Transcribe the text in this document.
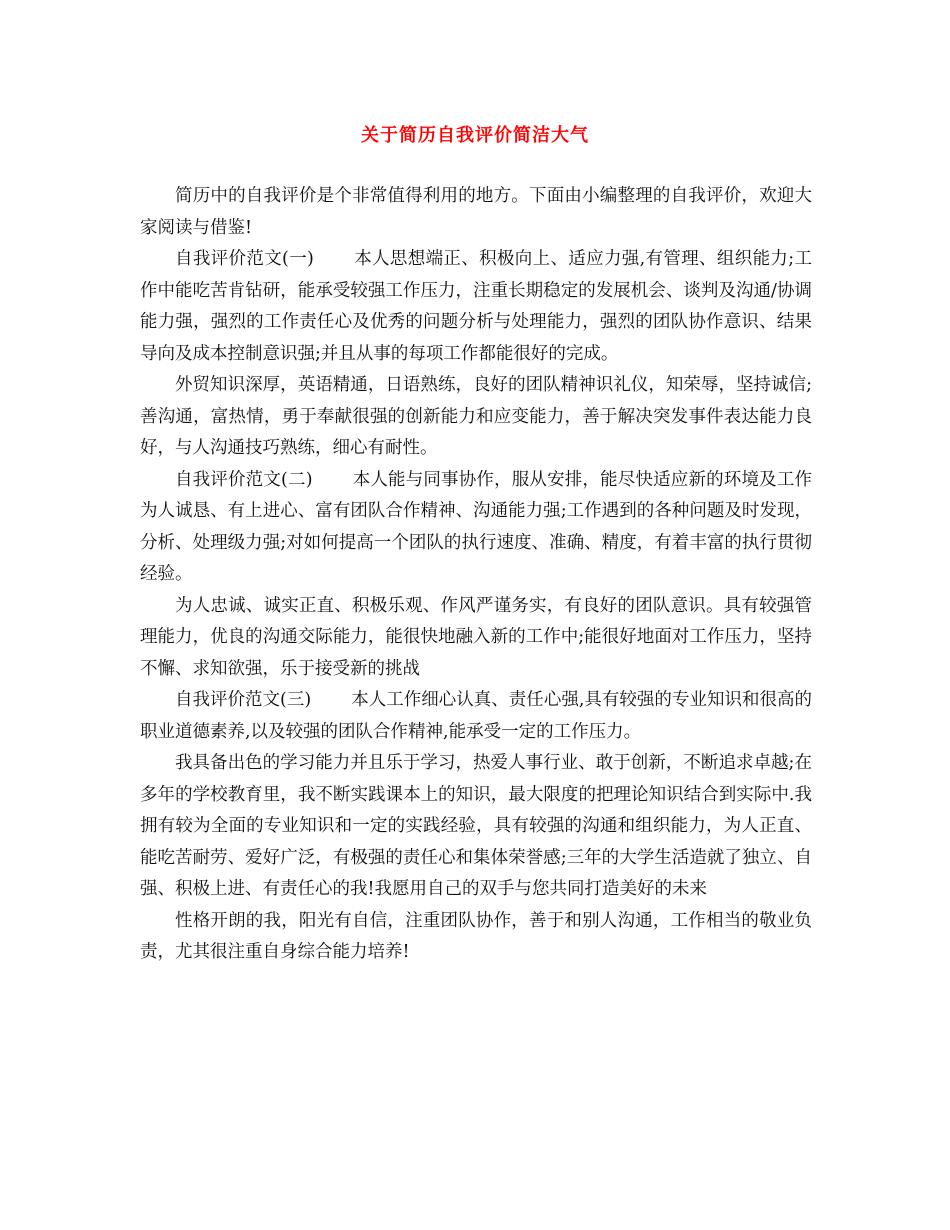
关于简历自我评价简洁大气

简历中的自我评价是个非常值得利用的地方。下面由小编整理的自我评价，欢迎大家阅读与借鉴!

自我评价范文(一) 本人思想端正、积极向上、适应力强,有管理、组织能力;工作中能吃苦肯钻研，能承受较强工作压力，注重长期稳定的发展机会、谈判及沟通/协调能力强，强烈的工作责任心及优秀的问题分析与处理能力，强烈的团队协作意识、结果导向及成本控制意识强;并且从事的每项工作都能很好的完成。

外贸知识深厚，英语精通，日语熟练，良好的团队精神识礼仪，知荣辱，坚持诚信;善沟通，富热情，勇于奉献很强的创新能力和应变能力，善于解决突发事件表达能力良好，与人沟通技巧熟练，细心有耐性。

自我评价范文(二) 本人能与同事协作，服从安排，能尽快适应新的环境及工作为人诚恳、有上进心、富有团队合作精神、沟通能力强;工作遇到的各种问题及时发现，分析、处理级力强;对如何提高一个团队的执行速度、准确、精度，有着丰富的执行贯彻经验。

为人忠诚、诚实正直、积极乐观、作风严谨务实，有良好的团队意识。具有较强管理能力，优良的沟通交际能力，能很快地融入新的工作中;能很好地面对工作压力，坚持不懈、求知欲强，乐于接受新的挑战

自我评价范文(三) 本人工作细心认真、责任心强,具有较强的专业知识和很高的职业道德素养,以及较强的团队合作精神,能承受一定的工作压力。

我具备出色的学习能力并且乐于学习，热爱人事行业、敢于创新，不断追求卓越;在多年的学校教育里，我不断实践课本上的知识，最大限度的把理论知识结合到实际中.我拥有较为全面的专业知识和一定的实践经验，具有较强的沟通和组织能力，为人正直、能吃苦耐劳、爱好广泛，有极强的责任心和集体荣誉感;三年的大学生活造就了独立、自强、积极上进、有责任心的我!我愿用自己的双手与您共同打造美好的未来

性格开朗的我，阳光有自信，注重团队协作，善于和别人沟通，工作相当的敬业负责，尤其很注重自身综合能力培养!
